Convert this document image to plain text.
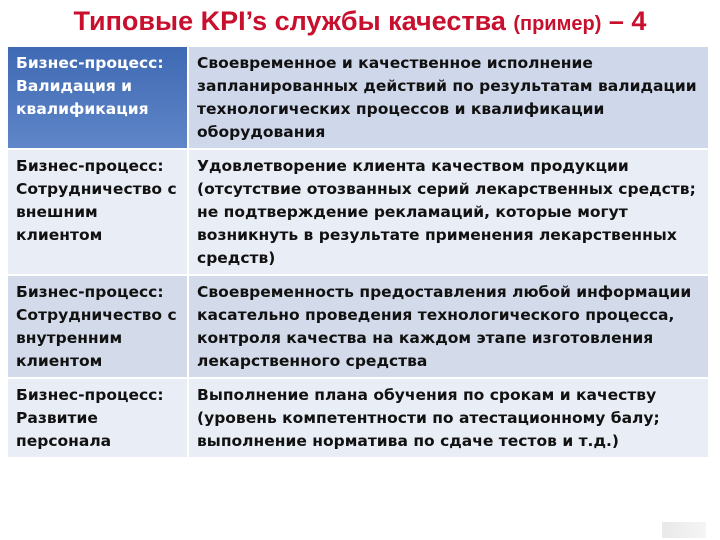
Типовые KPI’s службы качества (пример) – 4
Бизнес-процесс:
Валидация и
квалификация	Своевременное и качественное исполнение
запланированных действий по результатам валидации
технологических процессов и квалификации
оборудования

Бизнес-процесс:
Сотрудничество с
внешним
клиентом	Удовлетворение клиента качеством продукции
(отсутствие отозванных серий лекарственных средств;
не подтверждение рекламаций, которые могут
возникнуть в результате применения лекарственных
средств)

Бизнес-процесс:
Сотрудничество с
внутренним
клиентом	Своевременность предоставления любой информации
касательно проведения технологического процесса,
контроля качества на каждом этапе изготовления
лекарственного средства

Бизнес-процесс:
Развитие
персонала	Выполнение плана обучения по срокам и качеству
(уровень компетентности по атестационному балу;
выполнение норматива по сдаче тестов и т.д.)
